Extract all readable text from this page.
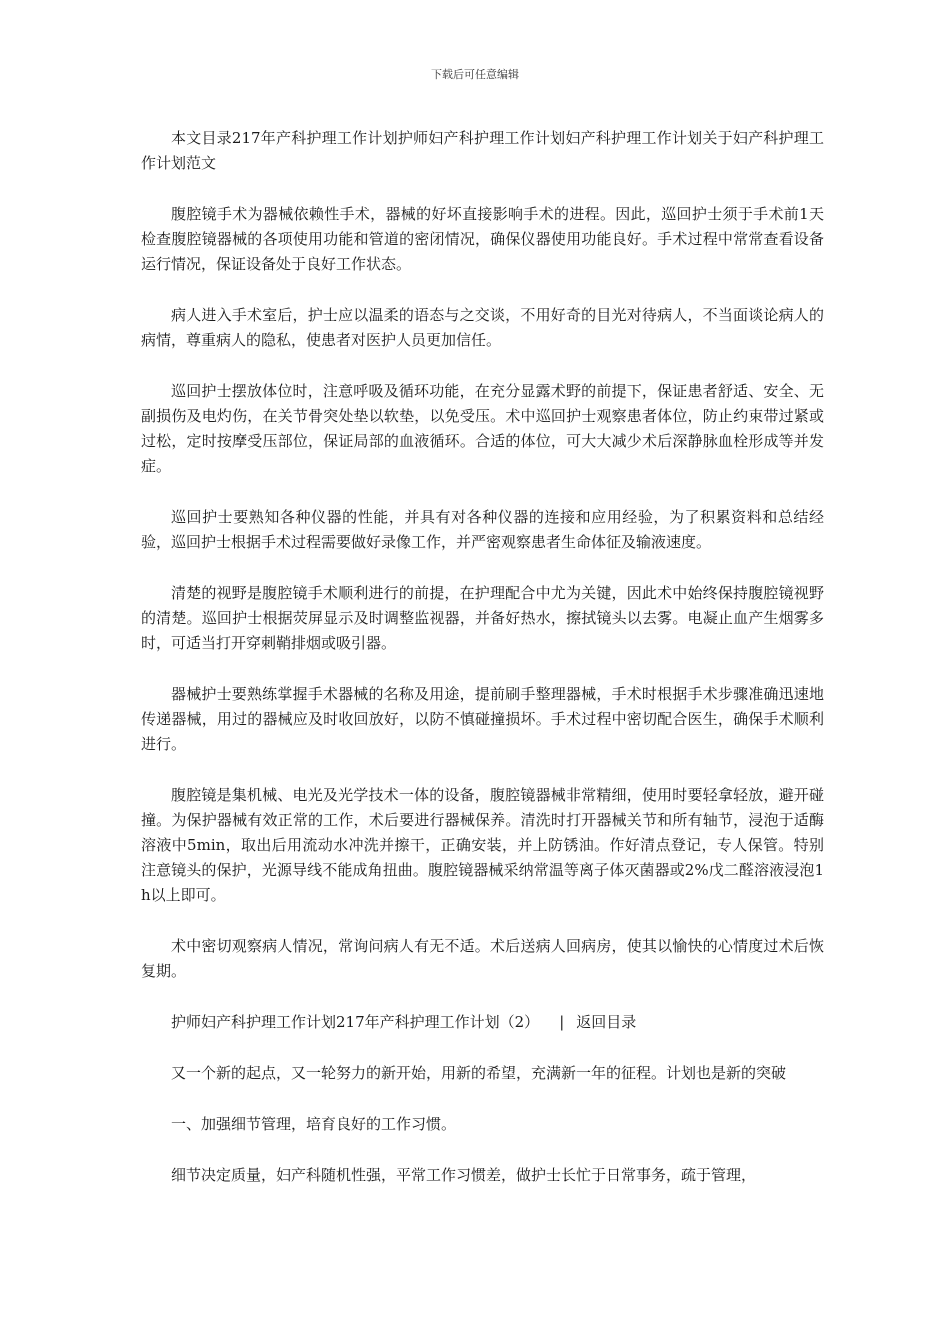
下载后可任意编辑

本文目录217年产科护理工作计划护师妇产科护理工作计划妇产科护理工作计划关于妇产科护理工作计划范文

腹腔镜手术为器械依赖性手术，器械的好坏直接影响手术的进程。因此，巡回护士须于手术前1天检查腹腔镜器械的各项使用功能和管道的密闭情况，确保仪器使用功能良好。手术过程中常常查看设备运行情况，保证设备处于良好工作状态。

病人进入手术室后，护士应以温柔的语态与之交谈，不用好奇的目光对待病人，不当面谈论病人的病情，尊重病人的隐私，使患者对医护人员更加信任。

巡回护士摆放体位时，注意呼吸及循环功能，在充分显露术野的前提下，保证患者舒适、安全、无副损伤及电灼伤，在关节骨突处垫以软垫，以免受压。术中巡回护士观察患者体位，防止约束带过紧或过松，定时按摩受压部位，保证局部的血液循环。合适的体位，可大大减少术后深静脉血栓形成等并发症。

巡回护士要熟知各种仪器的性能，并具有对各种仪器的连接和应用经验，为了积累资料和总结经验，巡回护士根据手术过程需要做好录像工作，并严密观察患者生命体征及输液速度。

清楚的视野是腹腔镜手术顺利进行的前提，在护理配合中尤为关键，因此术中始终保持腹腔镜视野的清楚。巡回护士根据荧屏显示及时调整监视器，并备好热水，擦拭镜头以去雾。电凝止血产生烟雾多时，可适当打开穿刺鞘排烟或吸引器。

器械护士要熟练掌握手术器械的名称及用途，提前刷手整理器械，手术时根据手术步骤准确迅速地传递器械，用过的器械应及时收回放好，以防不慎碰撞损坏。手术过程中密切配合医生，确保手术顺利进行。

腹腔镜是集机械、电光及光学技术一体的设备，腹腔镜器械非常精细，使用时要轻拿轻放，避开碰撞。为保护器械有效正常的工作，术后要进行器械保养。清洗时打开器械关节和所有轴节，浸泡于适酶溶液中5min，取出后用流动水冲洗并擦干，正确安装，并上防锈油。作好清点登记，专人保管。特别注意镜头的保护，光源导线不能成角扭曲。腹腔镜器械采纳常温等离子体灭菌器或2%戊二醛溶液浸泡1h以上即可。

术中密切观察病人情况，常询问病人有无不适。术后送病人回病房，使其以愉快的心情度过术后恢复期。

护师妇产科护理工作计划217年产科护理工作计划（2） | 返回目录

又一个新的起点，又一轮努力的新开始，用新的希望，充满新一年的征程。计划也是新的突破

一、加强细节管理，培育良好的工作习惯。

细节决定质量，妇产科随机性强，平常工作习惯差，做护士长忙于日常事务，疏于管理，
